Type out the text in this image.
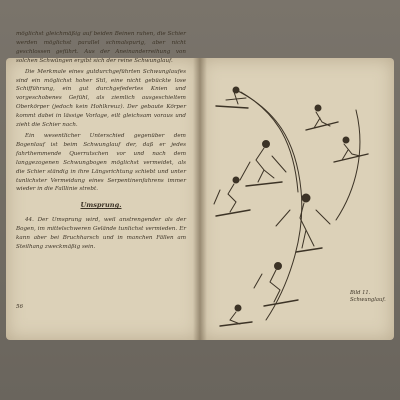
möglichst gleichmäßig auf beiden Beinen ruhen, die Schier werden möglichst parallel schmalspurig, aber nicht geschlossen geführt. Aus der Aneinanderreihung von solchen Schwüngen ergibt sich der reine Schwunglauf.

Die Merkmale eines gutdurchgeführten Schwunglaufes sind ein möglichst hoher Stil, eine nicht gebückte lose Schifführung, ein gut durchgefedertes Knien und vorgeschobenes Gefühl, als ziemlich ausgeschieltem Oberkörper (jedoch kein Hohlkreuz). Der gebaute Körper kommt dabei in lässige Vorlage, eilt gleichsam voraus und zieht die Schier nach.

Ein wesentlicher Unterschied gegenüber dem Bogenlauf ist beim Schwunglauf der, daß er jedes fahrthemmende Querrutschen vor und nach dem langgezogenen Schwungbogen möglichst vermeidet, als die Schier ständig in ihre Längsrichtung schiebt und unter tunlichster Vermeidung eines Serpentinenfahrens immer wieder in die Falllinie strebt.

Umsprung.

44. Der Umsprung wird, weil anstrengender als der Bogen, im mittelschweren Gelände tunlichst vermieden. Er kann aber bei Bruchharsch und in manchen Fällen am Steilhang zweckmäßig sein.

56
Bild 11.
Schwunglauf.
